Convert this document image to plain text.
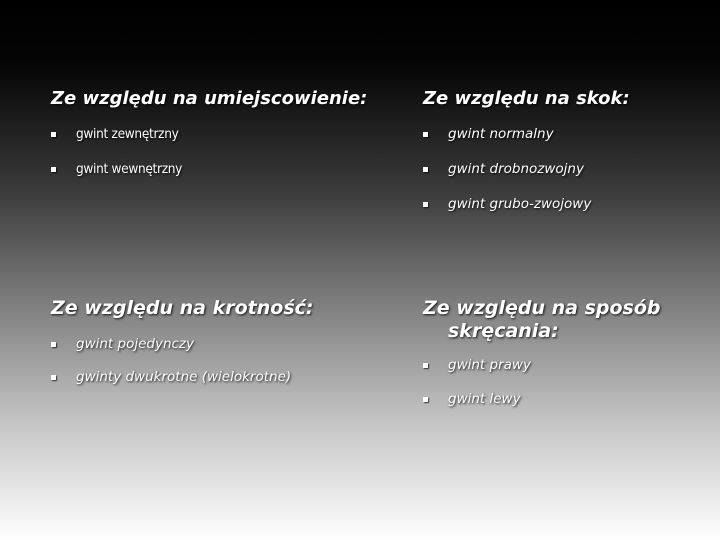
Ze względu na umiejscowienie:
gwint zewnętrzny
gwint wewnętrzny
Ze względu na skok:
gwint normalny
gwint drobnozwojny
gwint grubo-zwojowy
Ze względu na krotność:
gwint pojedynczy
gwinty dwukrotne (wielokrotne)
Ze względu na sposób
skręcania:
gwint prawy
gwint lewy
